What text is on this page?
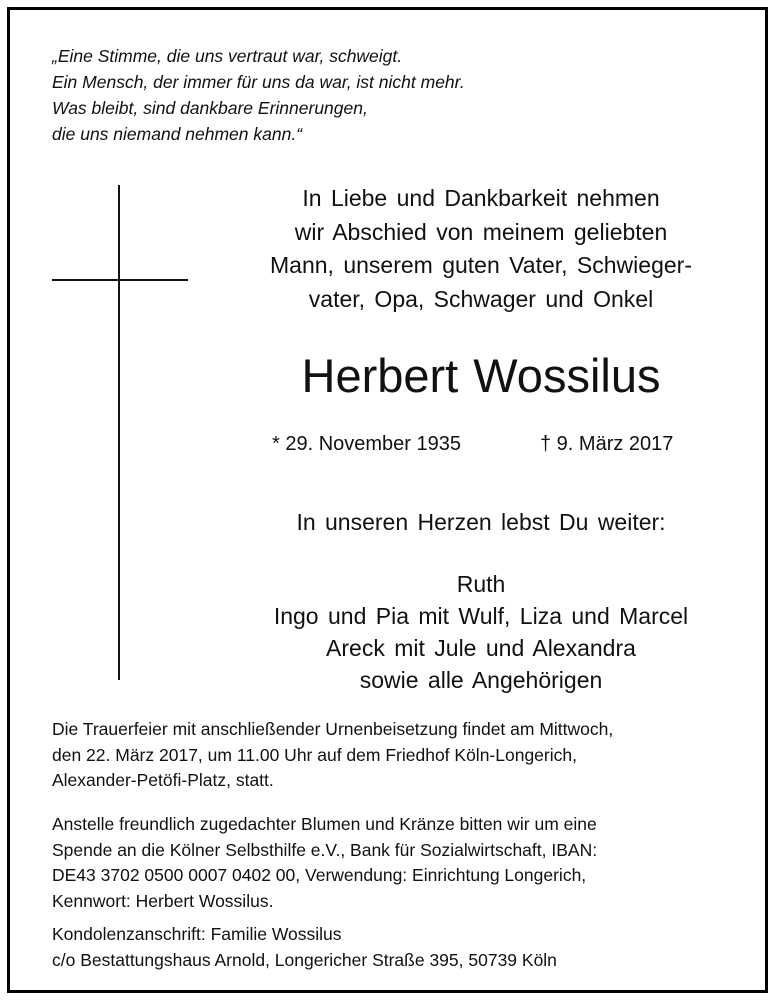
„Eine Stimme, die uns vertraut war, schweigt.
Ein Mensch, der immer für uns da war, ist nicht mehr.
Was bleibt, sind dankbare Erinnerungen,
die uns niemand nehmen kann.“
In Liebe und Dankbarkeit nehmen
wir Abschied von meinem geliebten
Mann, unserem guten Vater, Schwieger-
vater, Opa, Schwager und Onkel
Herbert Wossilus
* 29. November 1935	† 9. März 2017
In unseren Herzen lebst Du weiter:
Ruth
Ingo und Pia mit Wulf, Liza und Marcel
Areck mit Jule und Alexandra
sowie alle Angehörigen
Die Trauerfeier mit anschließender Urnenbeisetzung findet am Mittwoch,
den 22. März 2017, um 11.00 Uhr auf dem Friedhof Köln-Longerich,
Alexander-Petöfi-Platz, statt.
Anstelle freundlich zugedachter Blumen und Kränze bitten wir um eine
Spende an die Kölner Selbsthilfe e.V., Bank für Sozialwirtschaft, IBAN:
DE43 3702 0500 0007 0402 00, Verwendung: Einrichtung Longerich,
Kennwort: Herbert Wossilus.
Kondolenzanschrift: Familie Wossilus
c/o Bestattungshaus Arnold, Longericher Straße 395, 50739 Köln
